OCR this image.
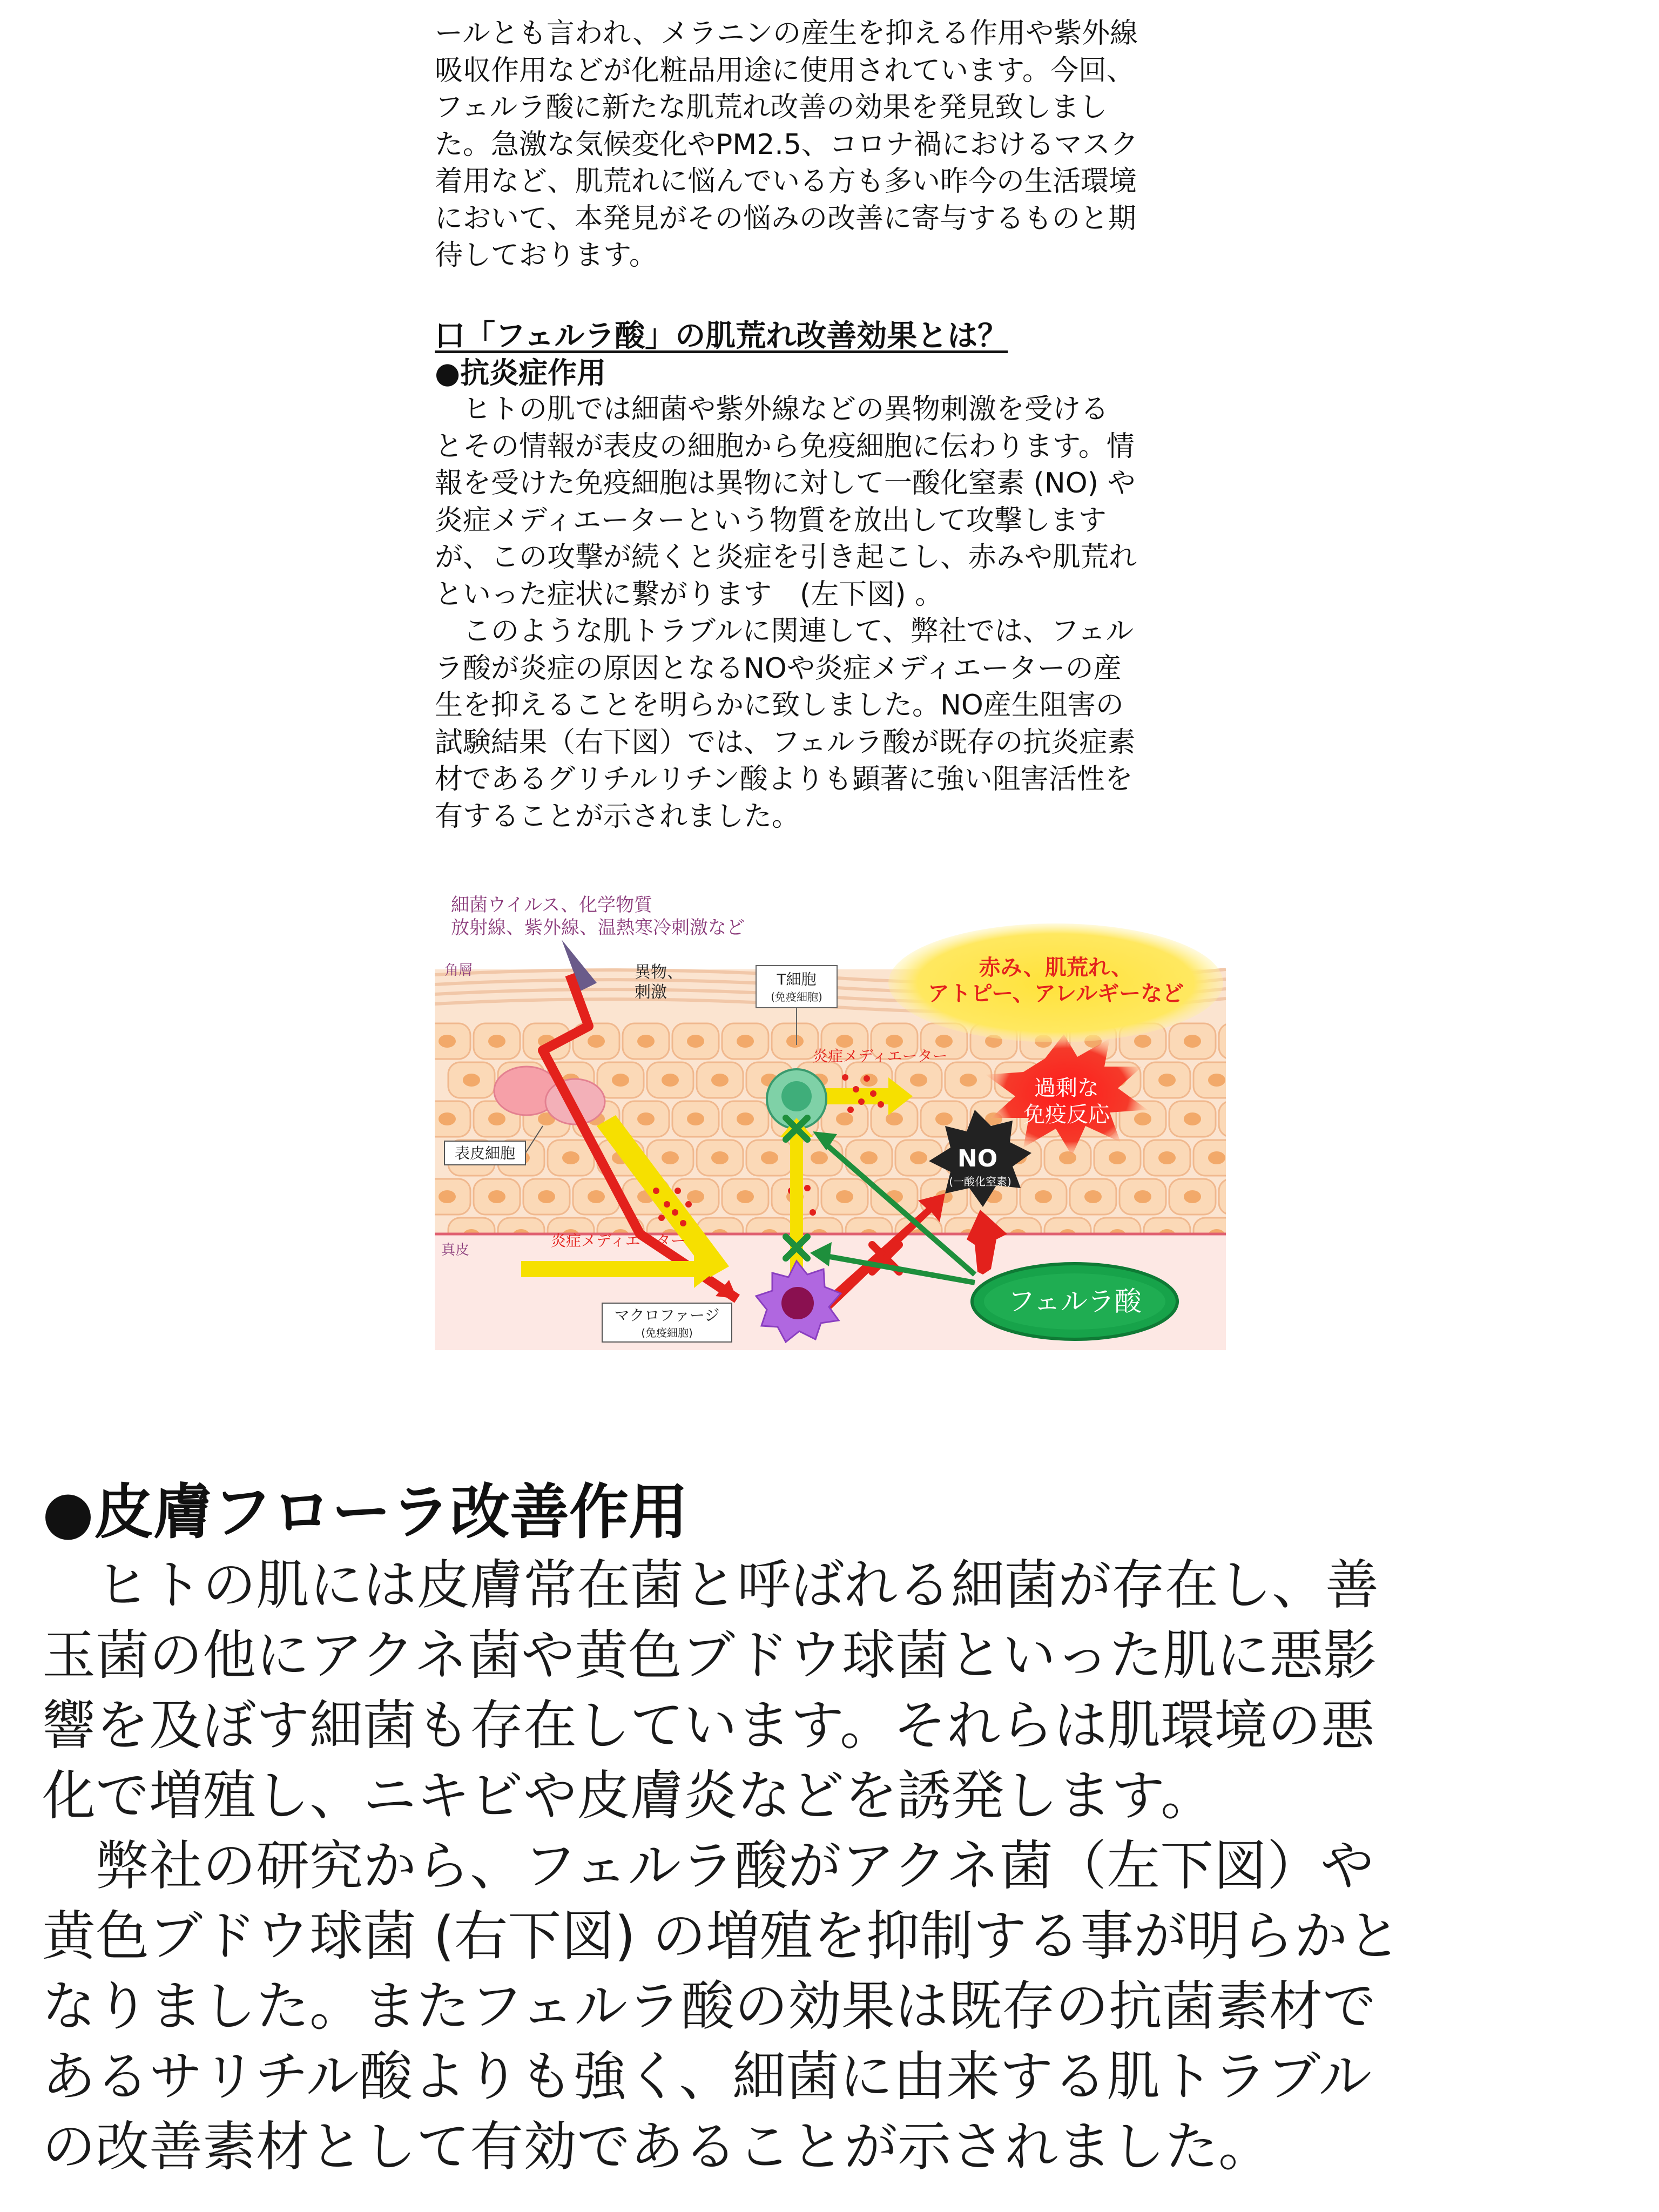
ールとも言われ、メラニンの産生を抑える作用や紫外線

吸収作用などが化粧品用途に使用されています。今回、

フェルラ酸に新たな肌荒れ改善の効果を発見致しまし

た。急激な気候変化やPM2.5、コロナ禍におけるマスク

着用など、肌荒れに悩んでいる方も多い昨今の生活環境

において、本発見がその悩みの改善に寄与するものと期

待しております。

口「フェルラ酸」の肌荒れ改善効果とは？
●抗炎症作用

　ヒトの肌では細菌や紫外線などの異物刺激を受ける

とその情報が表皮の細胞から免疫細胞に伝わります。情

報を受けた免疫細胞は異物に対して一酸化窒素 (NO) や

炎症メディエーターという物質を放出して攻撃します

が、この攻撃が続くと炎症を引き起こし、赤みや肌荒れ

といった症状に繋がります　(左下図) 。

　このような肌トラブルに関連して、弊社では、フェル

ラ酸が炎症の原因となるNOや炎症メディエーターの産

生を抑えることを明らかに致しました。NO産生阻害の

試験結果（右下図）では、フェルラ酸が既存の抗炎症素

材であるグリチルリチン酸よりも顕著に強い阻害活性を

有することが示されました。

細菌ウイルス、化学物質
放射線、紫外線、温熱寒冷刺激など
角層	異物、
刺激
T細胞
(免疫細胞)
赤み、肌荒れ、
アトピー、アレルギーなど
炎症メディエーター
過剰な
免疫反応
表皮細胞	NO
(一酸化窒素)
炎症メディエーター
真皮
マクロファージ
(免疫細胞)
フェルラ酸
●皮膚フローラ改善作用

　ヒトの肌には皮膚常在菌と呼ばれる細菌が存在し、善

玉菌の他にアクネ菌や黄色ブドウ球菌といった肌に悪影

響を及ぼす細菌も存在しています。それらは肌環境の悪

化で増殖し、ニキビや皮膚炎などを誘発します。

　弊社の研究から、フェルラ酸がアクネ菌（左下図）や

黄色ブドウ球菌 (右下図) の増殖を抑制する事が明らかと

なりました。またフェルラ酸の効果は既存の抗菌素材で

あるサリチル酸よりも強く、細菌に由来する肌トラブル

の改善素材として有効であることが示されました。
